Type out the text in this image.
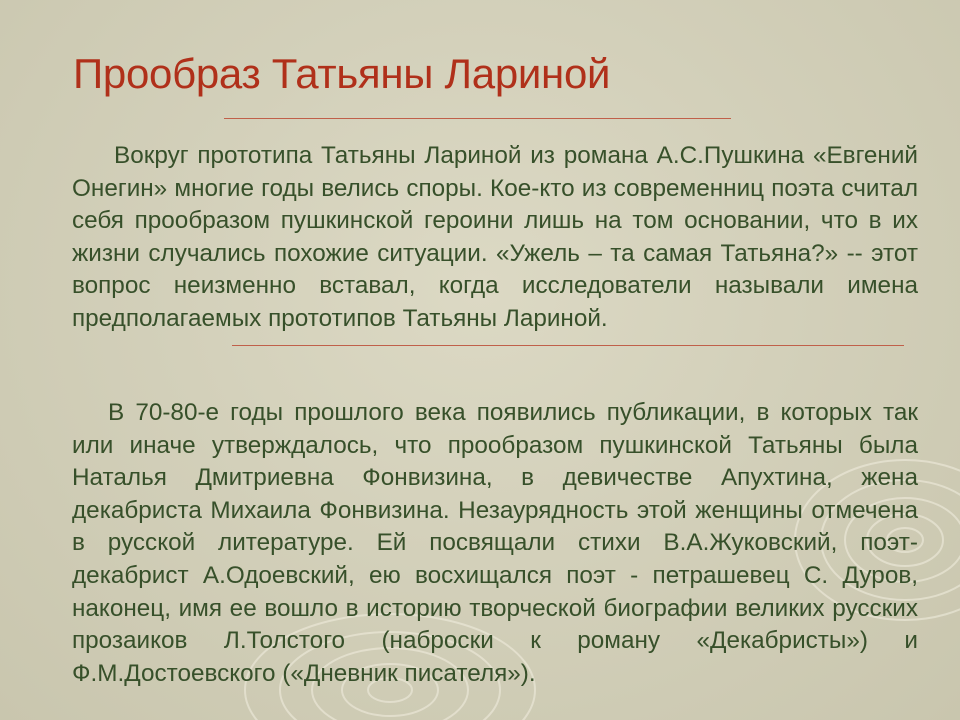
Прообраз Татьяны Лариной

Вокруг прототипа Татьяны Лариной из романа А.С.Пушкина «Евгений Онегин» многие годы велись споры. Кое-кто из современниц поэта считал себя прообразом пушкинской героини лишь на том основании, что в их жизни случались похожие ситуации. «Ужель – та самая Татьяна?» -- этот вопрос неизменно вставал, когда исследователи называли имена предполагаемых прототипов Татьяны Лариной.

В 70-80-е годы прошлого века появились публикации, в которых так или иначе утверждалось, что прообразом пушкинской Татьяны была Наталья Дмитриевна Фонвизина, в девичестве Апухтина, жена декабриста Михаила Фонвизина. Незаурядность этой женщины отмечена в русской литературе. Ей посвящали стихи В.А.Жуковский, поэт-декабрист А.Одоевский, ею восхищался поэт - петрашевец С. Дуров, наконец, имя ее вошло в историю творческой биографии великих русских прозаиков Л.Толстого (наброски к роману «Декабристы») и Ф.М.Достоевского («Дневник писателя»).
